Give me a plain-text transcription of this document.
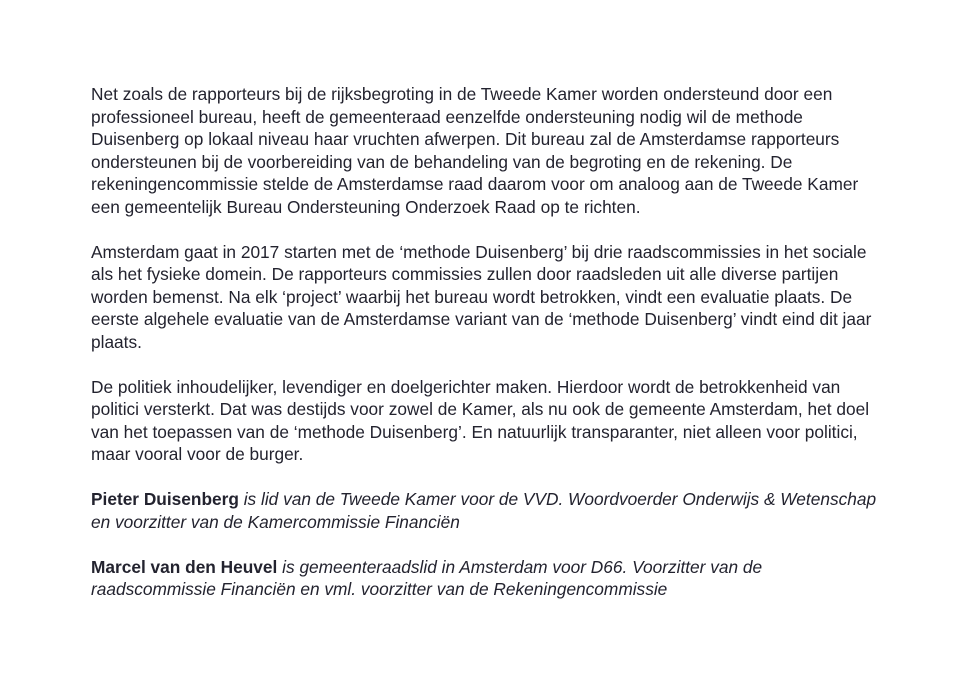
Net zoals de rapporteurs bij de rijksbegroting in de Tweede Kamer worden ondersteund door een professioneel bureau, heeft de gemeenteraad eenzelfde ondersteuning nodig wil de methode Duisenberg op lokaal niveau haar vruchten afwerpen. Dit bureau zal de Amsterdamse rapporteurs ondersteunen bij de voorbereiding van de behandeling van de begroting en de rekening. De rekeningencommissie stelde de Amsterdamse raad daarom voor om analoog aan de Tweede Kamer een gemeentelijk Bureau Ondersteuning Onderzoek Raad op te richten.

Amsterdam gaat in 2017 starten met de ‘methode Duisenberg’ bij drie raadscommissies in het sociale als het fysieke domein. De rapporteurs commissies zullen door raadsleden uit alle diverse partijen worden bemenst. Na elk ‘project’ waarbij het bureau wordt betrokken, vindt een evaluatie plaats. De eerste algehele evaluatie van de Amsterdamse variant van de ‘methode Duisenberg’ vindt eind dit jaar plaats.

De politiek inhoudelijker, levendiger en doelgerichter maken. Hierdoor wordt de betrokkenheid van politici versterkt. Dat was destijds voor zowel de Kamer, als nu ook de gemeente Amsterdam, het doel van het toepassen van de ‘methode Duisenberg’. En natuurlijk transparanter, niet alleen voor politici, maar vooral voor de burger.

Pieter Duisenberg is lid van de Tweede Kamer voor de VVD. Woordvoerder Onderwijs & Wetenschap en voorzitter van de Kamercommissie Financiën

Marcel van den Heuvel is gemeenteraadslid in Amsterdam voor D66. Voorzitter van de raadscommissie Financiën en vml. voorzitter van de Rekeningencommissie
